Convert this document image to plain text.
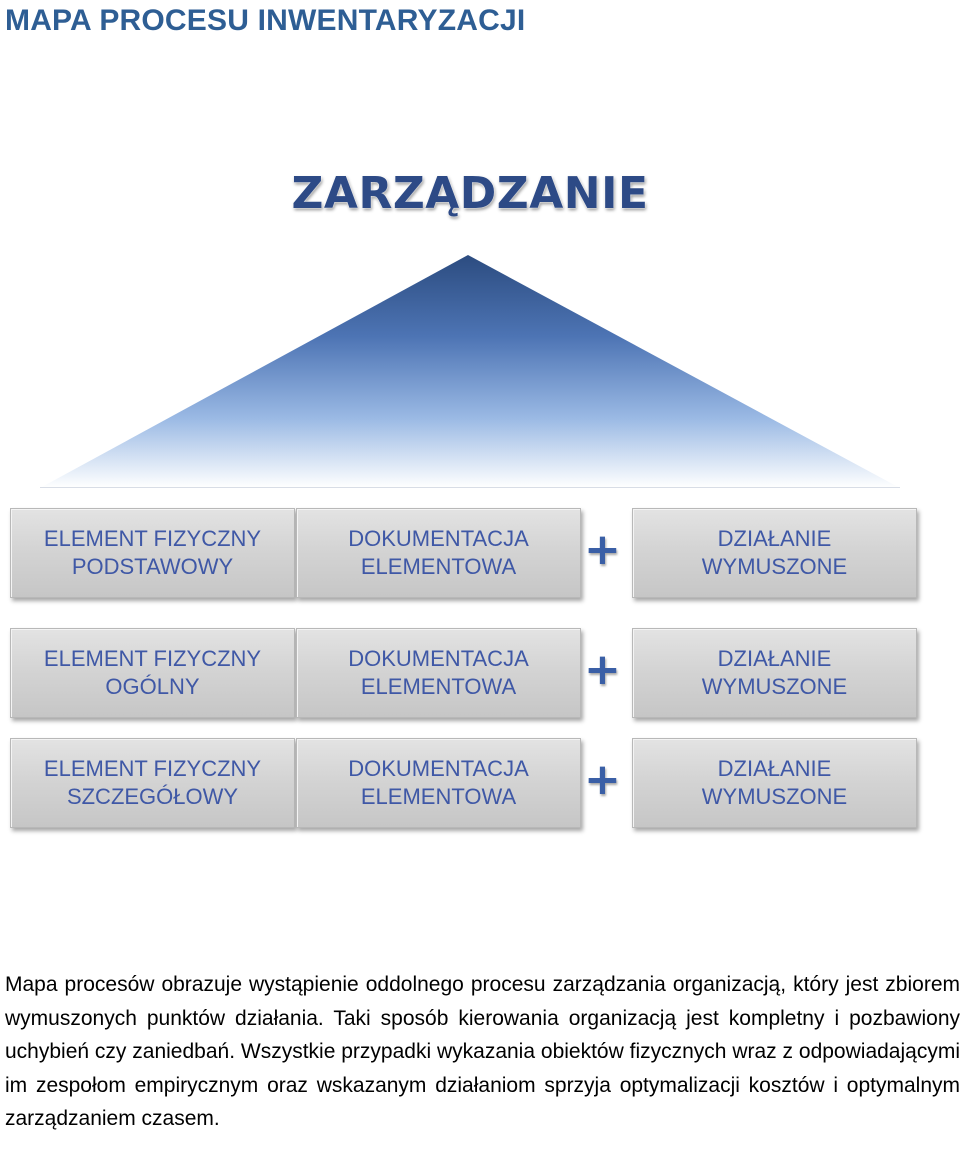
MAPA PROCESU INWENTARYZACJI
ZARZĄDZANIE
ELEMENT FIZYCZNY
PODSTAWOWY
DOKUMENTACJA
ELEMENTOWA +	DZIAŁANIE
WYMUSZONE
ELEMENT FIZYCZNY
OGÓLNY
DOKUMENTACJA
ELEMENTOWA +	DZIAŁANIE
WYMUSZONE
ELEMENT FIZYCZNY
SZCZEGÓŁOWY
DOKUMENTACJA
ELEMENTOWA +	DZIAŁANIE
WYMUSZONE

Mapa procesów obrazuje wystąpienie oddolnego procesu zarządzania organizacją, który jest zbiorem wymuszonych punktów działania. Taki sposób kierowania organizacją jest kompletny i pozbawiony uchybień czy zaniedbań. Wszystkie przypadki wykazania obiektów fizycznych wraz z odpowiadającymi im zespołom empirycznym oraz wskazanym działaniom sprzyja optymalizacji kosztów i optymalnym zarządzaniem czasem.
